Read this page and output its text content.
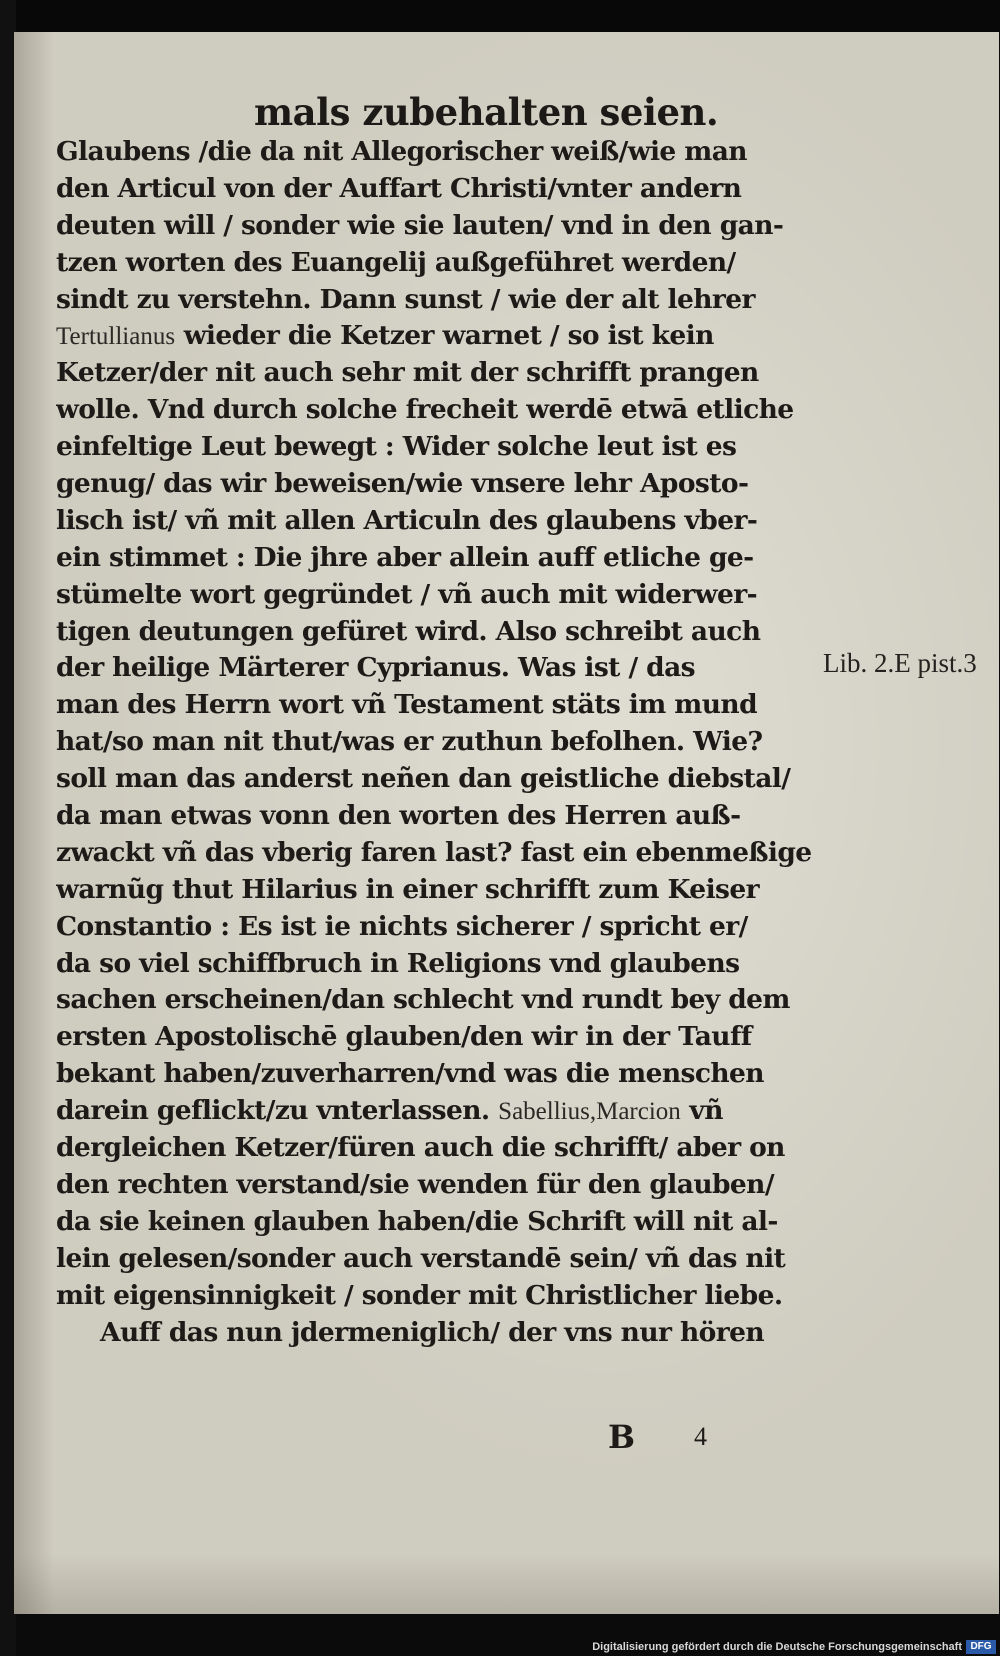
mals zubehalten seien.
Glaubens /die da nit Allegorischer weiß/wie man
den Articul von der Auffart Christi/vnter andern
deuten will / sonder wie sie lauten/ vnd in den gan-
tzen worten des Euangelij außgeführet werden/
sindt zu verstehn. Dann sunst / wie der alt lehrer
Tertullianus wieder die Ketzer warnet / so ist kein
Ketzer/der nit auch sehr mit der schrifft prangen
wolle. Vnd durch solche frecheit werdē etwā etliche
einfeltige Leut bewegt : Wider solche leut ist es
genug/ das wir beweisen/wie vnsere lehr Aposto-
lisch ist/ vñ mit allen Articuln des glaubens vber-
ein stimmet : Die jhre aber allein auff etliche ge-
stümelte wort gegründet / vñ auch mit widerwer-
tigen deutungen gefüret wird. Also schreibt auch
der heilige Märterer Cyprianus. Was ist / das
man des Herrn wort vñ Testament stäts im mund
hat/so man nit thut/was er zuthun befolhen. Wie?
soll man das anderst neñen dan geistliche diebstal/
da man etwas vonn den worten des Herren auß-
zwackt vñ das vberig faren last? fast ein ebenmeßige
warnũg thut Hilarius in einer schrifft zum Keiser
Constantio : Es ist ie nichts sicherer / spricht er/
da so viel schiffbruch in Religions vnd glaubens
sachen erscheinen/dan schlecht vnd rundt bey dem
ersten Apostolischē glauben/den wir in der Tauff
bekant haben/zuverharren/vnd was die menschen
darein geflickt/zu vnterlassen. Sabellius,Marcion vñ
dergleichen Ketzer/füren auch die schrifft/ aber on
den rechten verstand/sie wenden für den glauben/
da sie keinen glauben haben/die Schrift will nit al-
lein gelesen/sonder auch verstandē sein/ vñ das nit
mit eigensinnigkeit / sonder mit Christlicher liebe.
Auff das nun jdermeniglich/ der vns nur hören
Lib. 2.E pist.3
B 4
Digitalisierung gefördert durch die Deutsche Forschungsgemeinschaft DFG
